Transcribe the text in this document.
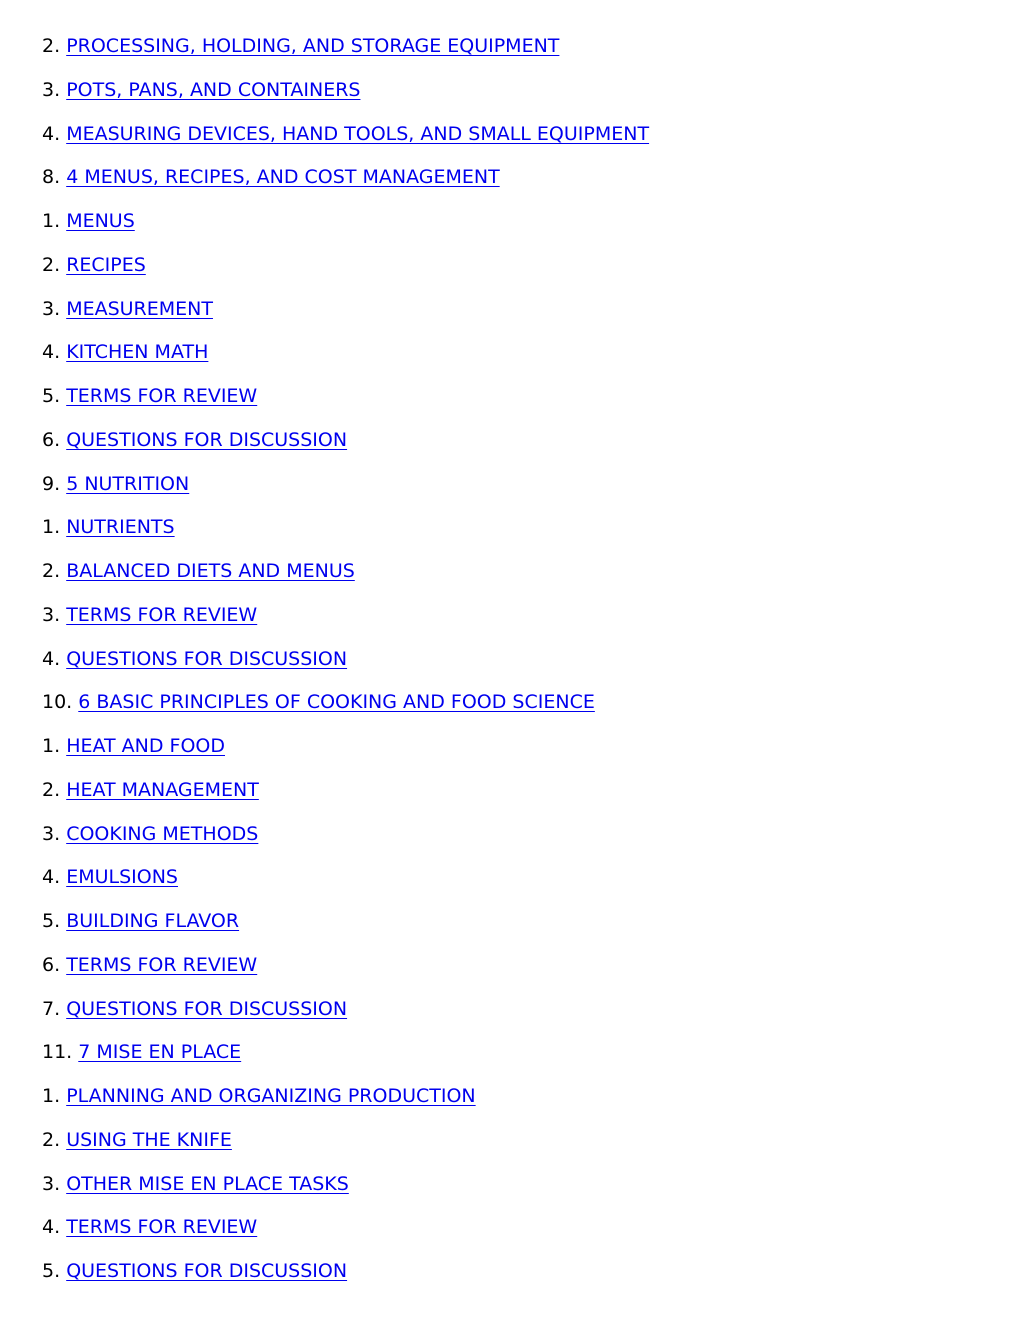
2. PROCESSING, HOLDING, AND STORAGE EQUIPMENT
3. POTS, PANS, AND CONTAINERS
4. MEASURING DEVICES, HAND TOOLS, AND SMALL EQUIPMENT
8. 4 MENUS, RECIPES, AND COST MANAGEMENT
1. MENUS
2. RECIPES
3. MEASUREMENT
4. KITCHEN MATH
5. TERMS FOR REVIEW
6. QUESTIONS FOR DISCUSSION
9. 5 NUTRITION
1. NUTRIENTS
2. BALANCED DIETS AND MENUS
3. TERMS FOR REVIEW
4. QUESTIONS FOR DISCUSSION
10. 6 BASIC PRINCIPLES OF COOKING AND FOOD SCIENCE
1. HEAT AND FOOD
2. HEAT MANAGEMENT
3. COOKING METHODS
4. EMULSIONS
5. BUILDING FLAVOR
6. TERMS FOR REVIEW
7. QUESTIONS FOR DISCUSSION
11. 7 MISE EN PLACE
1. PLANNING AND ORGANIZING PRODUCTION
2. USING THE KNIFE
3. OTHER MISE EN PLACE TASKS
4. TERMS FOR REVIEW
5. QUESTIONS FOR DISCUSSION
